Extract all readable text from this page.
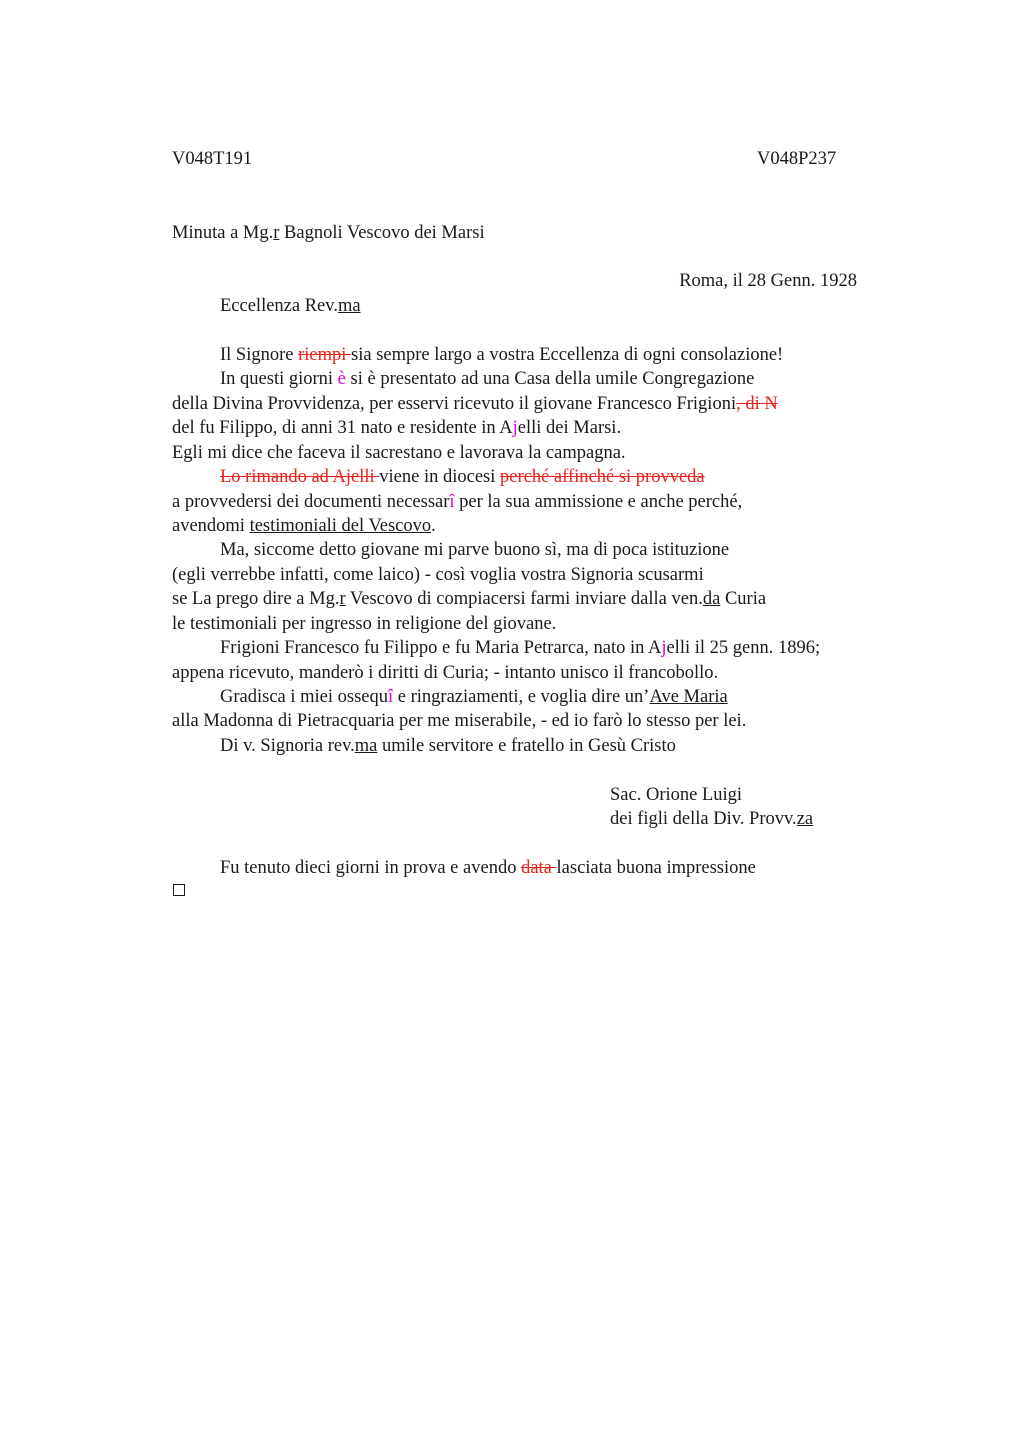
V048T191	V048P237
Minuta a Mg.r Bagnoli Vescovo dei Marsi
Roma, il 28 Genn. 1928
Eccellenza Rev.ma
Il Signore riempi sia sempre largo a vostra Eccellenza di ogni consolazione!
In questi giorni è si è presentato ad una Casa della umile Congregazione
della Divina Provvidenza, per esservi ricevuto il giovane Francesco Frigioni, di N
del fu Filippo, di anni 31 nato e residente in Ajelli dei Marsi.
Egli mi dice che faceva il sacrestano e lavorava la campagna.
Lo rimando ad Ajelli viene in diocesi perché affinché si provveda
a provvedersi dei documenti necessarî per la sua ammissione e anche perché,
avendomi testimoniali del Vescovo.
Ma, siccome detto giovane mi parve buono sì, ma di poca istituzione
(egli verrebbe infatti, come laico) - così voglia vostra Signoria scusarmi
se La prego dire a Mg.r Vescovo di compiacersi farmi inviare dalla ven.da Curia
le testimoniali per ingresso in religione del giovane.
Frigioni Francesco fu Filippo e fu Maria Petrarca, nato in Ajelli il 25 genn. 1896;
appena ricevuto, manderò i diritti di Curia; - intanto unisco il francobollo.
Gradisca i miei ossequî e ringraziamenti, e voglia dire un’Ave Maria
alla Madonna di Pietracquaria per me miserabile, - ed io farò lo stesso per lei.
Di v. Signoria rev.ma umile servitore e fratello in Gesù Cristo
Sac. Orione Luigi
dei figli della Div. Provv.za
Fu tenuto dieci giorni in prova e avendo data lasciata buona impressione
